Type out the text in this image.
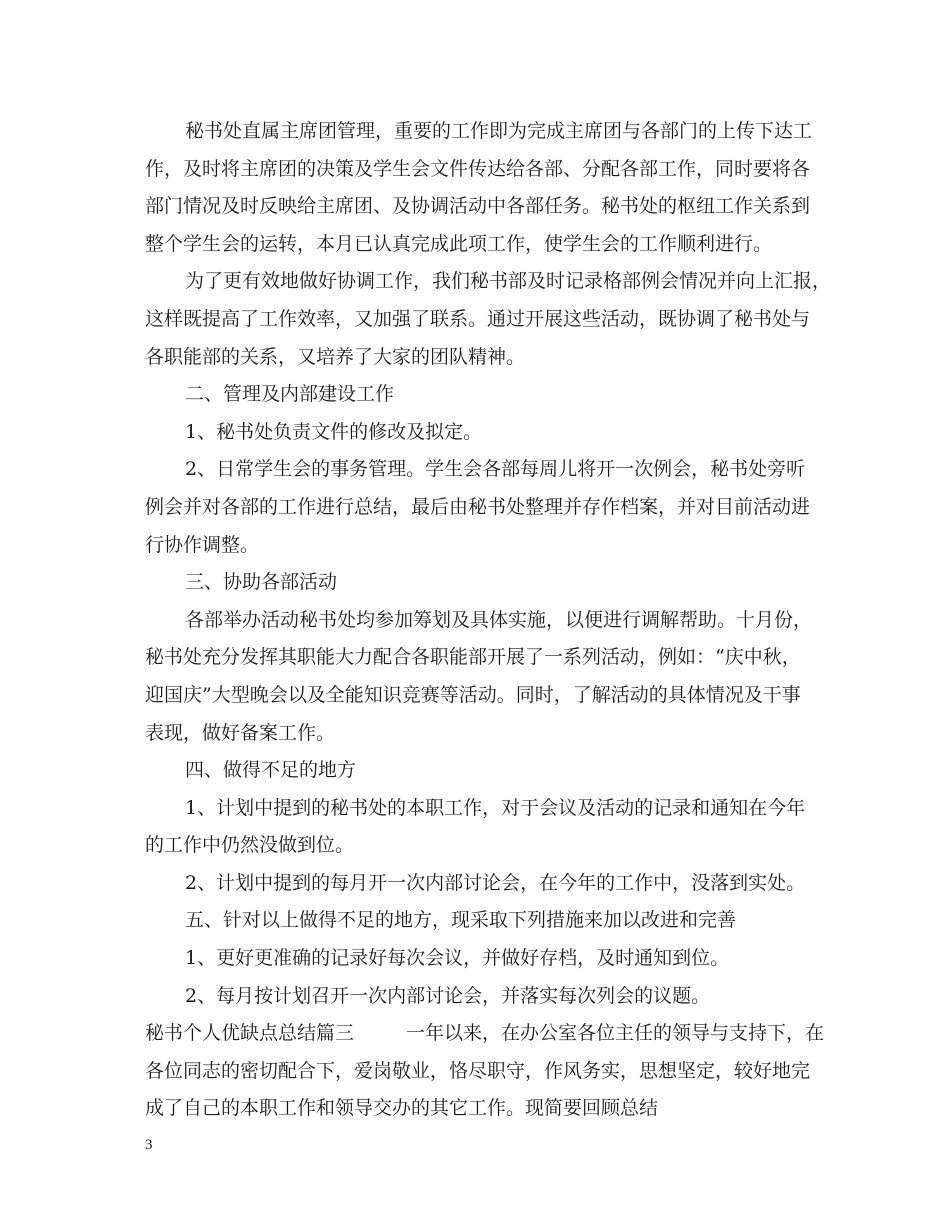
秘书处直属主席团管理，重要的工作即为完成主席团与各部门的上传下达工
作，及时将主席团的决策及学生会文件传达给各部、分配各部工作，同时要将各
部门情况及时反映给主席团、及协调活动中各部任务。秘书处的枢纽工作关系到
整个学生会的运转，本月已认真完成此项工作，使学生会的工作顺利进行。
为了更有效地做好协调工作，我们秘书部及时记录格部例会情况并向上汇报，
这样既提高了工作效率，又加强了联系。通过开展这些活动，既协调了秘书处与
各职能部的关系，又培养了大家的团队精神。
二、管理及内部建设工作
1、秘书处负责文件的修改及拟定。
2、日常学生会的事务管理。学生会各部每周儿将开一次例会，秘书处旁听
例会并对各部的工作进行总结，最后由秘书处整理并存作档案，并对目前活动进
行协作调整。
三、协助各部活动
各部举办活动秘书处均参加筹划及具体实施，以便进行调解帮助。十月份，
秘书处充分发挥其职能大力配合各职能部开展了一系列活动，例如：“庆中秋，
迎国庆”大型晚会以及全能知识竞赛等活动。同时，了解活动的具体情况及干事
表现，做好备案工作。
四、做得不足的地方
1、计划中提到的秘书处的本职工作，对于会议及活动的记录和通知在今年
的工作中仍然没做到位。
2、计划中提到的每月开一次内部讨论会，在今年的工作中，没落到实处。
五、针对以上做得不足的地方，现采取下列措施来加以改进和完善
1、更好更准确的记录好每次会议，并做好存档，及时通知到位。
2、每月按计划召开一次内部讨论会，并落实每次列会的议题。
秘书个人优缺点总结篇三	一年以来，在办公室各位主任的领导与支持下，在
各位同志的密切配合下，爱岗敬业，恪尽职守，作风务实，思想坚定，较好地完
成了自己的本职工作和领导交办的其它工作。现简要回顾总结
3
